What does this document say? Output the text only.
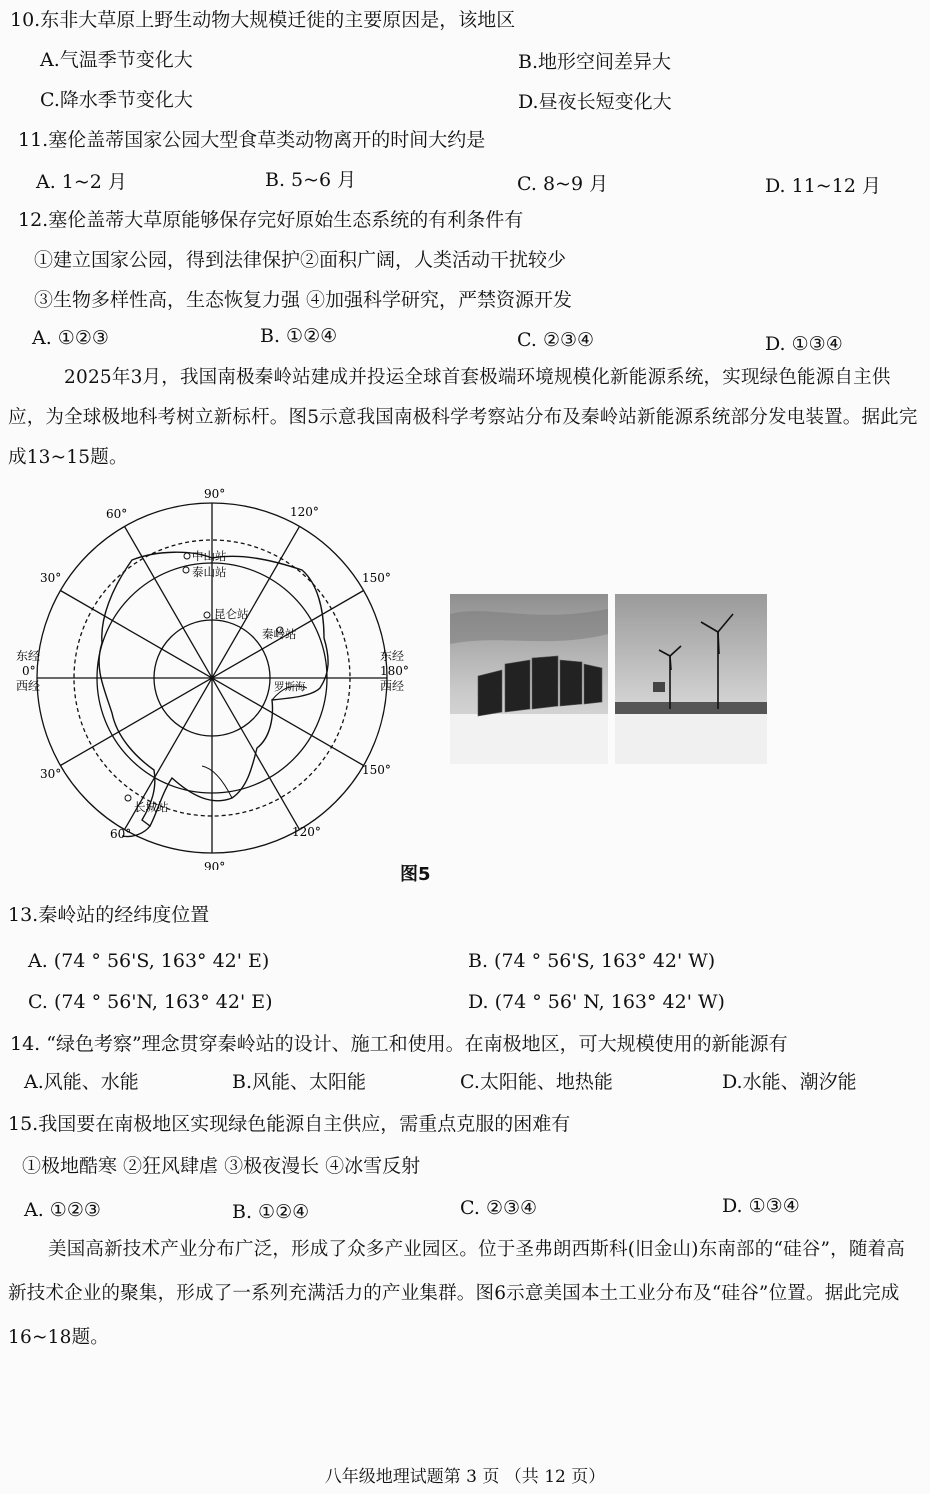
10.东非大草原上野生动物大规模迁徙的主要原因是，该地区
A.气温季节变化大	B.地形空间差异大
C.降水季节变化大	D.昼夜长短变化大
11.塞伦盖蒂国家公园大型食草类动物离开的时间大约是
A. 1~2 月	B. 5~6 月	C. 8~9 月	D. 11~12 月
12.塞伦盖蒂大草原能够保存完好原始生态系统的有利条件有
①建立国家公园，得到法律保护②面积广阔，人类活动干扰较少
③生物多样性高，生态恢复力强 ④加强科学研究，严禁资源开发
A. ①②③	B. ①②④	C. ②③④	D. ①③④
2025年3月，我国南极秦岭站建成并投运全球首套极端环境规模化新能源系统，实现绿色能源自主供应，为全球极地科考树立新标杆。图5示意我国南极科学考察站分布及秦岭站新能源系统部分发电装置。据此完成13~15题。
90°
90°
60°	120°
30°	150°
30°	150°
60°	120°
东经
0°
西经
东经
180°
西经
中山站
泰山站
昆仑站
秦岭站
长城站
罗斯海
图5
13.秦岭站的经纬度位置
A. (74 ° 56'S, 163° 42' E)	B. (74 ° 56'S, 163° 42' W)
C. (74 ° 56'N, 163° 42' E)	D. (74 ° 56' N, 163° 42' W)
14. “绿色考察”理念贯穿秦岭站的设计、施工和使用。在南极地区，可大规模使用的新能源有
A.风能、水能	B.风能、太阳能	C.太阳能、地热能	D.水能、潮汐能
15.我国要在南极地区实现绿色能源自主供应，需重点克服的困难有
①极地酷寒 ②狂风肆虐 ③极夜漫长 ④冰雪反射
A. ①②③	B. ①②④	C. ②③④	D. ①③④
美国高新技术产业分布广泛，形成了众多产业园区。位于圣弗朗西斯科(旧金山)东南部的“硅谷”，随着高新技术企业的聚集，形成了一系列充满活力的产业集群。图6示意美国本土工业分布及“硅谷”位置。据此完成16~18题。
八年级地理试题第 3 页 （共 12 页）
